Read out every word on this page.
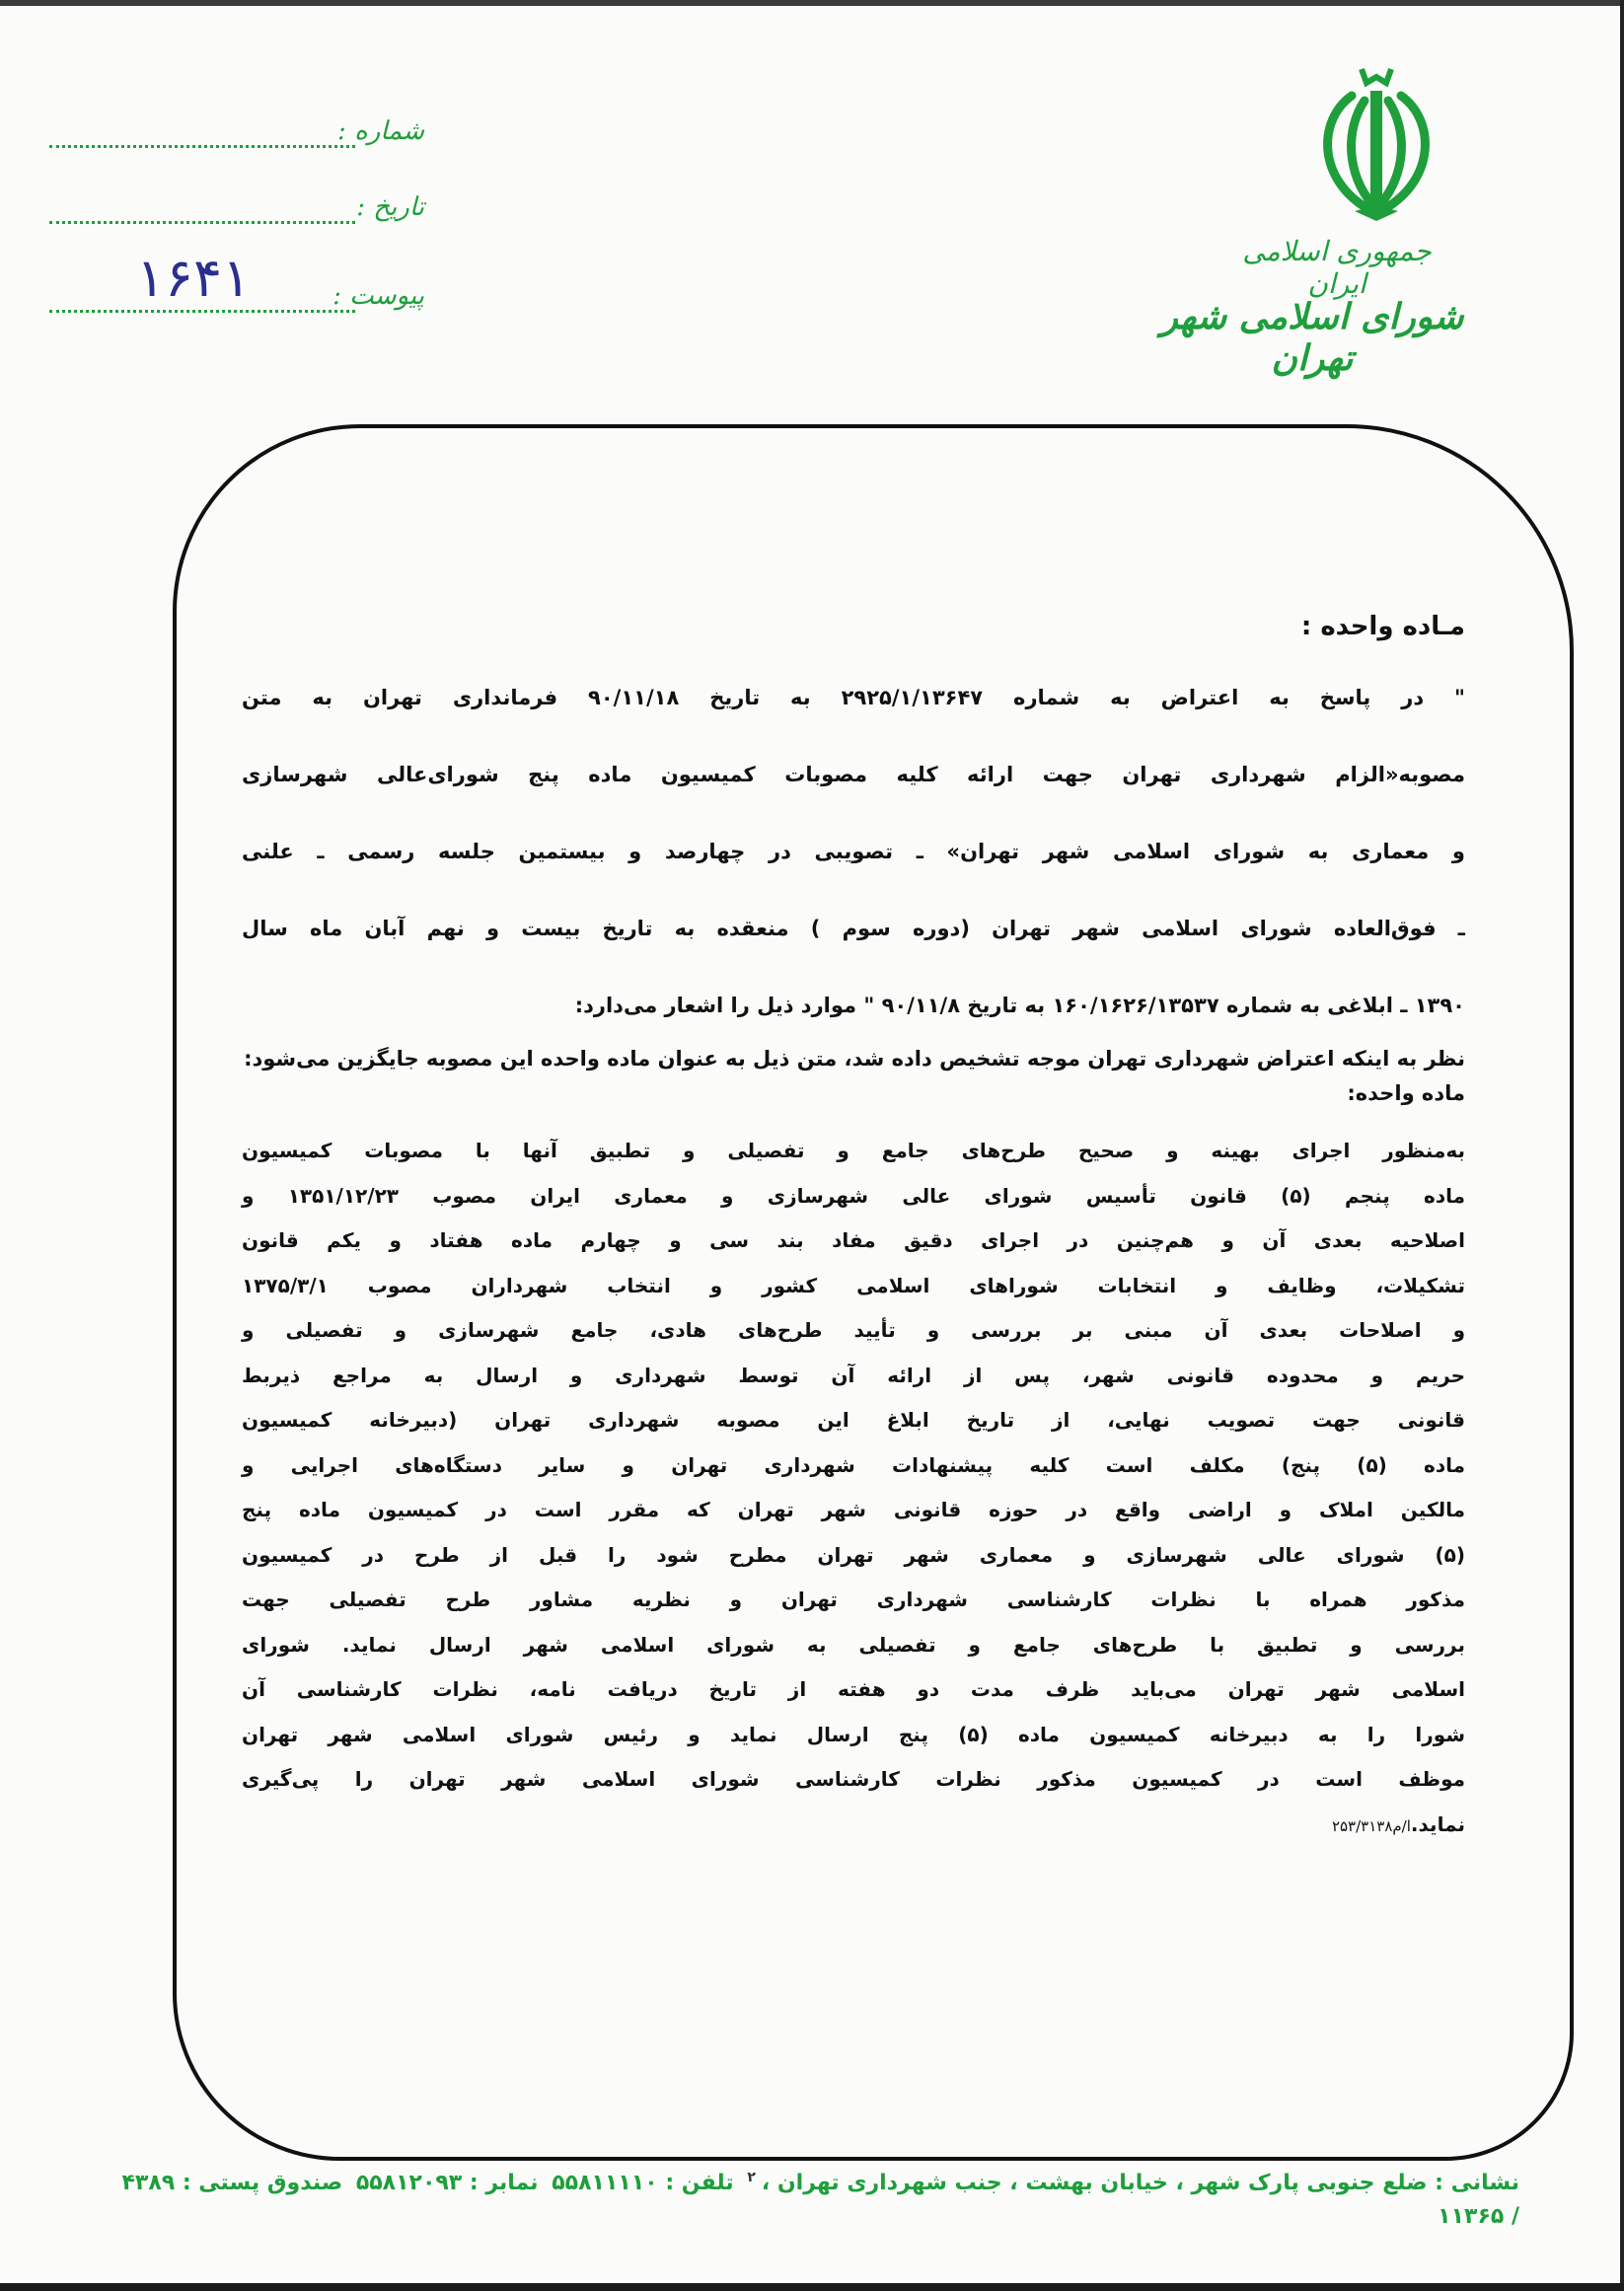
جمهوری اسلامی ایران
شورای اسلامی شهر تهران
شماره :
تاریخ :
پیوست :
۱۶۴۱
مـاده واحده :
" در پاسخ به اعتراض به شماره ۲۹۲۵/۱/۱۳۶۴۷ به تاریخ ۹۰/۱۱/۱۸ فرمانداری تهران به متن
مصوبه«الزام شهرداری تهران جهت ارائه کلیه مصوبات کمیسیون ماده پنج شورای‌عالی شهرسازی
و معماری به شورای اسلامی شهر تهران» ـ تصویبی در چهارصد و بیستمین جلسه رسمی ـ علنی
ـ فوق‌العاده شورای اسلامی شهر تهران (دوره سوم ) منعقده به تاریخ بیست و نهم آبان ماه سال
۱۳۹۰ ـ ابلاغی به شماره ۱۶۰/۱۶۲۶/۱۳۵۳۷ به تاریخ ۹۰/۱۱/۸ " موارد ذیل را اشعار می‌دارد:
نظر به اینکه اعتراض شهرداری تهران موجه تشخیص داده شد، متن ذیل به عنوان ماده واحده این مصوبه جایگزین می‌شود:
ماده واحده:
به‌منظور اجرای بهینه و صحیح طرح‌های جامع و تفصیلی و تطبیق آنها با مصوبات کمیسیون
ماده پنجم (۵) قانون تأسیس شورای عالی شهرسازی و معماری ایران مصوب ۱۳۵۱/۱۲/۲۳ و
اصلاحیه بعدی آن و هم‌چنین در اجرای دقیق مفاد بند سی و چهارم ماده هفتاد و یکم قانون
تشکیلات، وظایف و انتخابات شوراهای اسلامی کشور و انتخاب شهرداران مصوب ۱۳۷۵/۳/۱
و اصلاحات بعدی آن مبنی بر بررسی و تأیید طرح‌های هادی، جامع شهرسازی و تفصیلی و
حریم و محدوده قانونی شهر، پس از ارائه آن توسط شهرداری و ارسال به مراجع ذیربط
قانونی جهت تصویب نهایی، از تاریخ ابلاغ این مصوبه شهرداری تهران (دبیرخانه کمیسیون
ماده (۵) پنج) مکلف است کلیه پیشنهادات شهرداری تهران و سایر دستگاه‌های اجرایی و
مالکین املاک و اراضی واقع در حوزه قانونی شهر تهران که مقرر است در کمیسیون ماده پنج
(۵) شورای عالی شهرسازی و معماری شهر تهران مطرح شود را قبل از طرح در کمیسیون
مذکور همراه با نظرات کارشناسی شهرداری تهران و نظریه مشاور طرح تفصیلی جهت
بررسی و تطبیق با طرح‌های جامع و تفصیلی به شورای اسلامی شهر ارسال نماید. شورای
اسلامی شهر تهران می‌باید ظرف مدت دو هفته از تاریخ دریافت نامه، نظرات کارشناسی آن
شورا را به دبیرخانه کمیسیون ماده (۵) پنج ارسال نماید و رئیس شورای اسلامی شهر تهران
موظف است در کمیسیون مذکور نظرات کارشناسی شورای اسلامی شهر تهران را پی‌گیری
نماید.ا/م۲۵۳/۳۱۳۸
نشانی : ضلع جنوبی پارک شهر ، خیابان بهشت ، جنب شهرداری تهران ،$^۲$ تلفن : ۵۵۸۱۱۱۱۰ نمابر : ۵۵۸۱۲۰۹۳ صندوق پستی : ۴۳۸۹ / ۱۱۳۶۵
